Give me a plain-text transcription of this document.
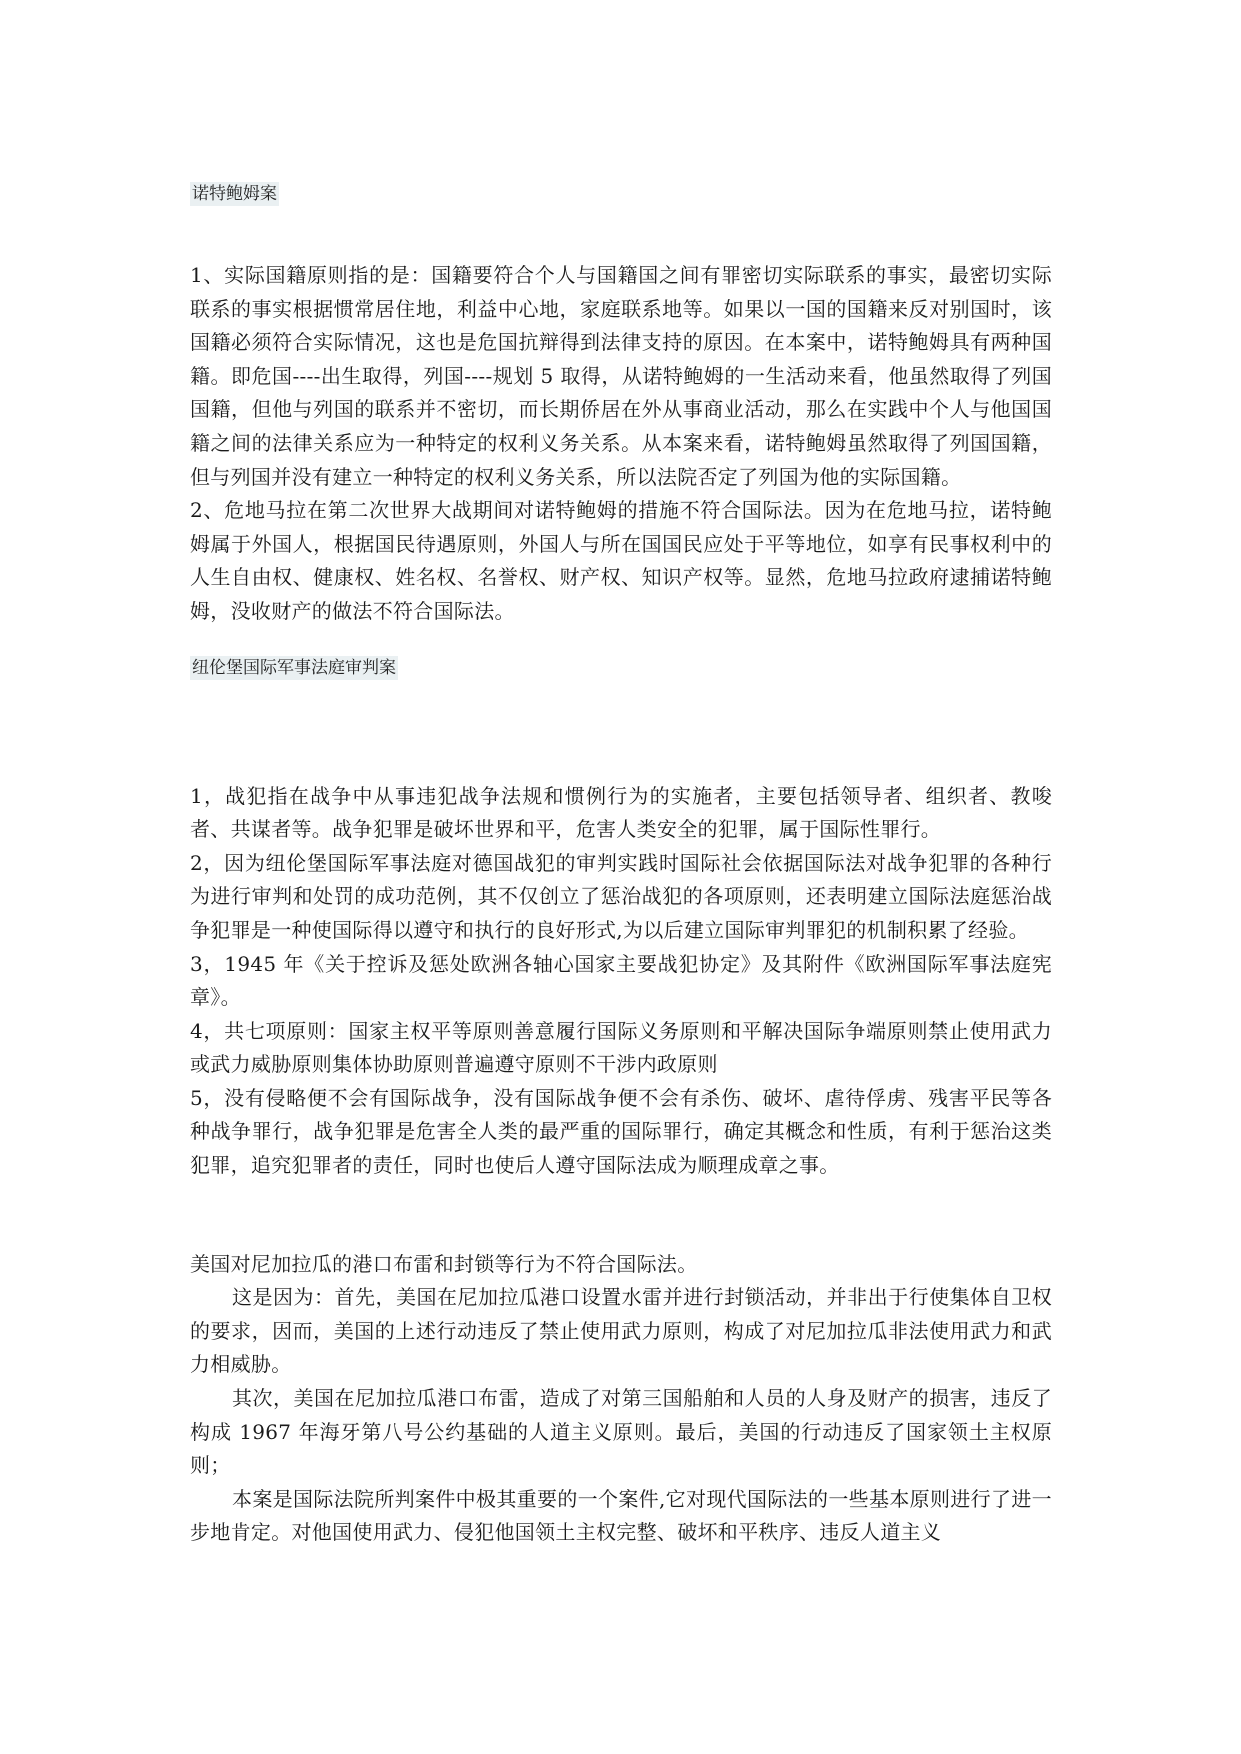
诺特鲍姆案

1、实际国籍原则指的是：国籍要符合个人与国籍国之间有罪密切实际联系的事实，最密切实际联系的事实根据惯常居住地，利益中心地，家庭联系地等。如果以一国的国籍来反对别国时，该国籍必须符合实际情况，这也是危国抗辩得到法律支持的原因。在本案中，诺特鲍姆具有两种国籍。即危国----出生取得，列国----规划 5 取得，从诺特鲍姆的一生活动来看，他虽然取得了列国国籍，但他与列国的联系并不密切，而长期侨居在外从事商业活动，那么在实践中个人与他国国籍之间的法律关系应为一种特定的权利义务关系。从本案来看，诺特鲍姆虽然取得了列国国籍，但与列国并没有建立一种特定的权利义务关系，所以法院否定了列国为他的实际国籍。

2、危地马拉在第二次世界大战期间对诺特鲍姆的措施不符合国际法。因为在危地马拉，诺特鲍姆属于外国人，根据国民待遇原则，外国人与所在国国民应处于平等地位，如享有民事权利中的人生自由权、健康权、姓名权、名誉权、财产权、知识产权等。显然，危地马拉政府逮捕诺特鲍姆，没收财产的做法不符合国际法。

纽伦堡国际军事法庭审判案

1，战犯指在战争中从事违犯战争法规和惯例行为的实施者，主要包括领导者、组织者、教唆者、共谋者等。战争犯罪是破坏世界和平，危害人类安全的犯罪，属于国际性罪行。

2，因为纽伦堡国际军事法庭对德国战犯的审判实践时国际社会依据国际法对战争犯罪的各种行为进行审判和处罚的成功范例，其不仅创立了惩治战犯的各项原则，还表明建立国际法庭惩治战争犯罪是一种使国际得以遵守和执行的良好形式,为以后建立国际审判罪犯的机制积累了经验。

3，1945 年《关于控诉及惩处欧洲各轴心国家主要战犯协定》及其附件《欧洲国际军事法庭宪章》。

4，共七项原则：国家主权平等原则善意履行国际义务原则和平解决国际争端原则禁止使用武力或武力威胁原则集体协助原则普遍遵守原则不干涉内政原则

5，没有侵略便不会有国际战争，没有国际战争便不会有杀伤、破坏、虐待俘虏、残害平民等各种战争罪行，战争犯罪是危害全人类的最严重的国际罪行，确定其概念和性质，有利于惩治这类犯罪，追究犯罪者的责任，同时也使后人遵守国际法成为顺理成章之事。

美国对尼加拉瓜的港口布雷和封锁等行为不符合国际法。

这是因为：首先，美国在尼加拉瓜港口设置水雷并进行封锁活动，并非出于行使集体自卫权的要求，因而，美国的上述行动违反了禁止使用武力原则，构成了对尼加拉瓜非法使用武力和武力相威胁。

其次，美国在尼加拉瓜港口布雷，造成了对第三国船舶和人员的人身及财产的损害，违反了构成 1967 年海牙第八号公约基础的人道主义原则。最后，美国的行动违反了国家领土主权原则；

本案是国际法院所判案件中极其重要的一个案件,它对现代国际法的一些基本原则进行了进一步地肯定。对他国使用武力、侵犯他国领土主权完整、破坏和平秩序、违反人道主义
